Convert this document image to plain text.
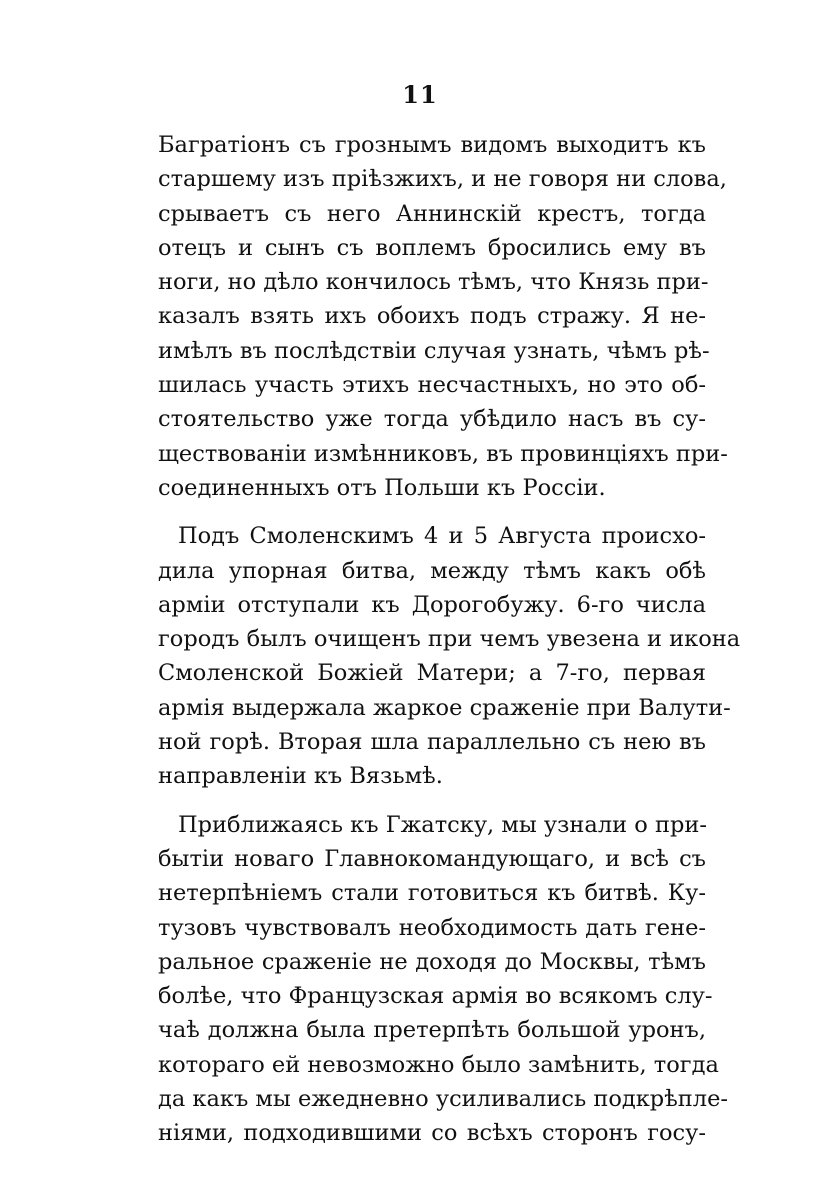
11
Багратіонъ съ грознымъ видомъ выходитъ къ
старшему изъ пріѣзжихъ, и не говоря ни слова,
срываетъ съ него Аннинскій крестъ, тогда
отецъ и сынъ съ воплемъ бросились ему въ
ноги, но дѣло кончилось тѣмъ, что Князь при-
казалъ взять ихъ обоихъ подъ стражу. Я не-
имѣлъ въ послѣдствіи случая узнать, чѣмъ рѣ-
шилась участь этихъ несчастныхъ, но это об-
стоятельство уже тогда убѣдило насъ въ су-
ществованіи измѣнниковъ, въ провинціяхъ при-
соединенныхъ отъ Польши къ Россіи.
Подъ Смоленскимъ 4 и 5 Августа происхо-
дила упорная битва, между тѣмъ какъ обѣ
арміи отступали къ Дорогобужу. 6-го числа
городъ былъ очищенъ при чемъ увезена и икона
Смоленской Божіей Матери; а 7-го, первая
армія выдержала жаркое сраженіе при Валути-
ной горѣ. Вторая шла параллельно съ нею въ
направленіи къ Вязьмѣ.
Приближаясь къ Гжатску, мы узнали о при-
бытіи новаго Главнокомандующаго, и всѣ съ
нетерпѣніемъ стали готовиться къ битвѣ. Ку-
тузовъ чувствовалъ необходимость дать гене-
ральное сраженіе не доходя до Москвы, тѣмъ
болѣе, что Французская армія во всякомъ слу-
чаѣ должна была претерпѣть большой уронъ,
котораго ей невозможно было замѣнить, тогда
да какъ мы ежедневно усиливались подкрѣпле-
ніями, подходившими со всѣхъ сторонъ госу-
